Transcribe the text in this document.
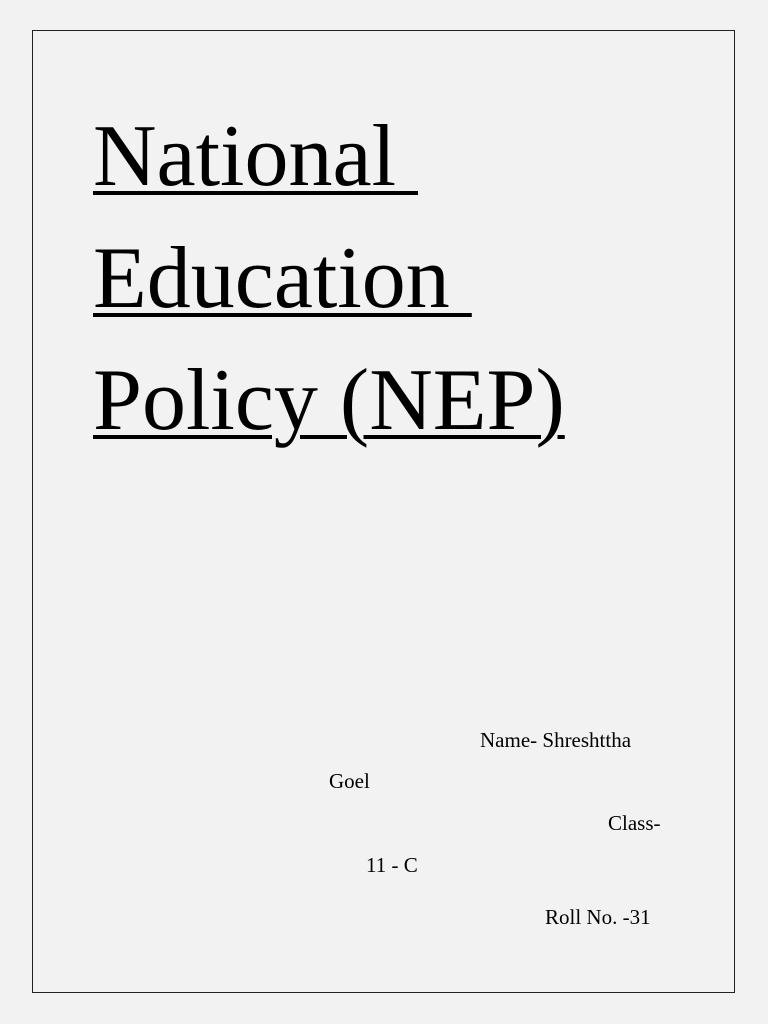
National
Education
Policy (NEP)
Name- Shreshttha
Goel
Class-
11 - C
Roll No. -31
